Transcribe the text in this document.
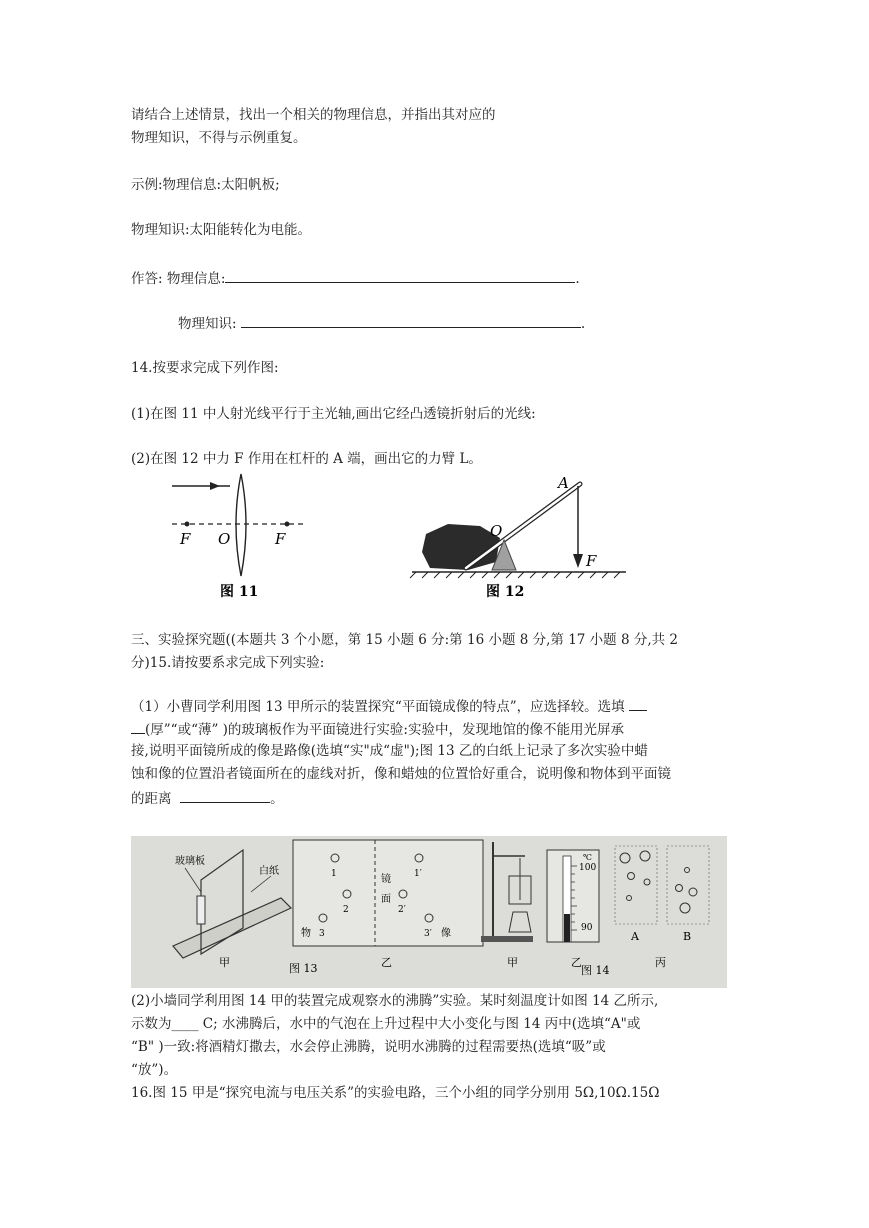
请结合上述情景，找出一个相关的物理信息，并指出其对应的
物理知识，不得与示例重复。
示例:物理信息:太阳帆板;
物理知识:太阳能转化为电能。
作答: 物理信息:	.
物理知识:	.
14.按要求完成下列作图:
(1)在图 11 中人射光线平行于主光轴,画出它经凸透镜折射后的光线:
(2)在图 12 中力 F 作用在杠杆的 A 端，画出它的力臂 L。
F O	F
图 11
A
O
F
图 12
三、实验探究题((本题共 3 个小愿，第 15 小题 6 分:第 16 小题 8 分,第 17 小题 8 分,共 2
分)15.请按要系求完成下列实验:
（1）小曹同学利用图 13 甲所示的装置探究“平面镜成像的特点”，应选择较。选填
(厚”“或“薄” )的玻璃板作为平面镜进行实验:实验中，发现地馆的像不能用光屏承
接,说明平面镜所成的像是路像(选填“实"成“虚");图 13 乙的白纸上记录了多次实验中蜡
蚀和像的位置沿者镜面所在的虚线对折，像和蜡烛的位置恰好重合，说明像和物体到平面镜
的距离	。
玻璃板
白纸
甲
1
2
3
1′
2′
3′
镜
面
物	像
乙
图 13	甲
℃
100
90
乙
A	B
丙
图 14
(2)小墙同学利用图 14 甲的装置完成观察水的沸腾”实验。某时刻温度计如图 14 乙所示,
示数为____ C; 水沸腾后，水中的气泡在上升过程中大小变化与图 14 丙中(选填“A"或
“B" )一致:将酒精灯撒去，水会停止沸腾，说明水沸腾的过程需要热(选填“吸”或
“放”)。
16.图 15 甲是“探究电流与电压关系”的实验电路，三个小组的同学分别用 5Ω,10Ω.15Ω
